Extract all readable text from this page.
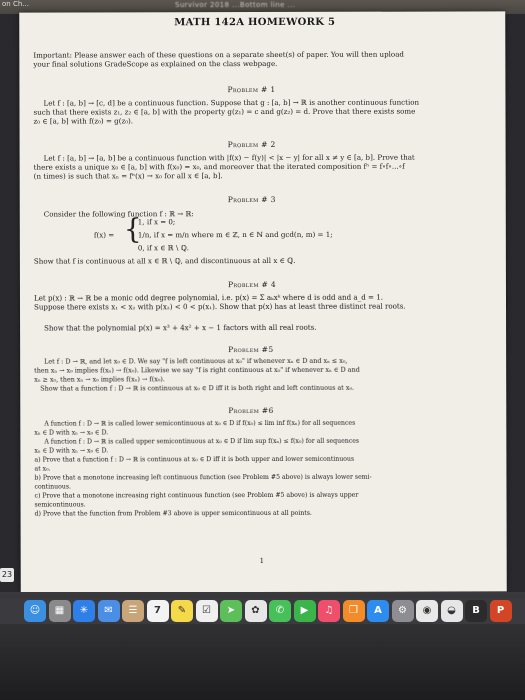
on Ch...	Survivor 2018 ...Bottom line ...
MATH 142A HOMEWORK 5
Important: Please answer each of these questions on a separate sheet(s) of paper. You will then upload
your final solutions GradeScope as explained on the class webpage.
Problem # 1
Let f : [a, b] → [c, d] be a continuous function. Suppose that g : [a, b] → ℝ is another continuous function
such that there exists z₁, z₂ ∈ [a, b] with the property g(z₁) = c and g(z₂) = d. Prove that there exists some
z₀ ∈ [a, b] with f(z₀) = g(z₀).
Problem # 2
Let f : [a, b] → [a, b] be a continuous function with |f(x) − f(y)| < |x − y| for all x ≠ y ∈ [a, b]. Prove that
there exists a unique x₀ ∈ [a, b] with f(x₀) = x₀, and moreover that the iterated composition fⁿ = f∘f∘...∘f
(n times) is such that xₙ = fⁿ(x) → x₀ for all x ∈ [a, b].
Problem # 3
Consider the following function f : ℝ → ℝ:
f(x) = {
1, if x = 0;
1/n, if x = m/n where m ∈ ℤ, n ∈ ℕ and gcd(n, m) = 1;
0, if x ∈ ℝ \ ℚ.
Show that f is continuous at all x ∈ ℝ \ ℚ, and discontinuous at all x ∈ ℚ.
Problem # 4
Let p(x) : ℝ → ℝ be a monic odd degree polynomial, i.e. p(x) = Σ aₖxᵏ where d is odd and a_d = 1.
Suppose there exists x₁ < x₂ with p(x₂) < 0 < p(x₁). Show that p(x) has at least three distinct real roots.
Show that the polynomial p(x) = x³ + 4x² + x − 1 factors with all real roots.
Problem #5
Let f : D → ℝ, and let x₀ ∈ D. We say "f is left continuous at x₀" if whenever xₙ ∈ D and xₙ ≤ x₀,
then xₙ → x₀ implies f(xₙ) → f(x₀). Likewise we say "f is right continuous at x₀" if whenever xₙ ∈ D and
xₙ ≥ x₀, then xₙ → x₀ implies f(xₙ) → f(x₀).
Show that a function f : D → ℝ is continuous at x₀ ∈ D iff it is both right and left continuous at x₀.
Problem #6
A function f : D → ℝ is called lower semicontinuous at x₀ ∈ D if f(x₀) ≤ lim inf f(xₙ) for all sequences
xₙ ∈ D with xₙ → x₀ ∈ D.
A function f : D → ℝ is called upper semicontinuous at x₀ ∈ D if lim sup f(xₙ) ≤ f(x₀) for all sequences
xₙ ∈ D with xₙ → x₀ ∈ D.
a) Prove that a function f : D → ℝ is continuous at x₀ ∈ D iff it is both upper and lower semicontinuous
at x₀.
b) Prove that a monotone increasing left continuous function (see Problem #5 above) is always lower semi-
continuous.
c) Prove that a monotone increasing right continuous function (see Problem #5 above) is always upper
semicontinuous.
d) Prove that the function from Problem #3 above is upper semicontinuous at all points.
1
23
☺	▦	✳	✉	☰	7	✎	☑	➤	✿	✆	▶	♫	❒	A	⚙	◉	◒	B	P
